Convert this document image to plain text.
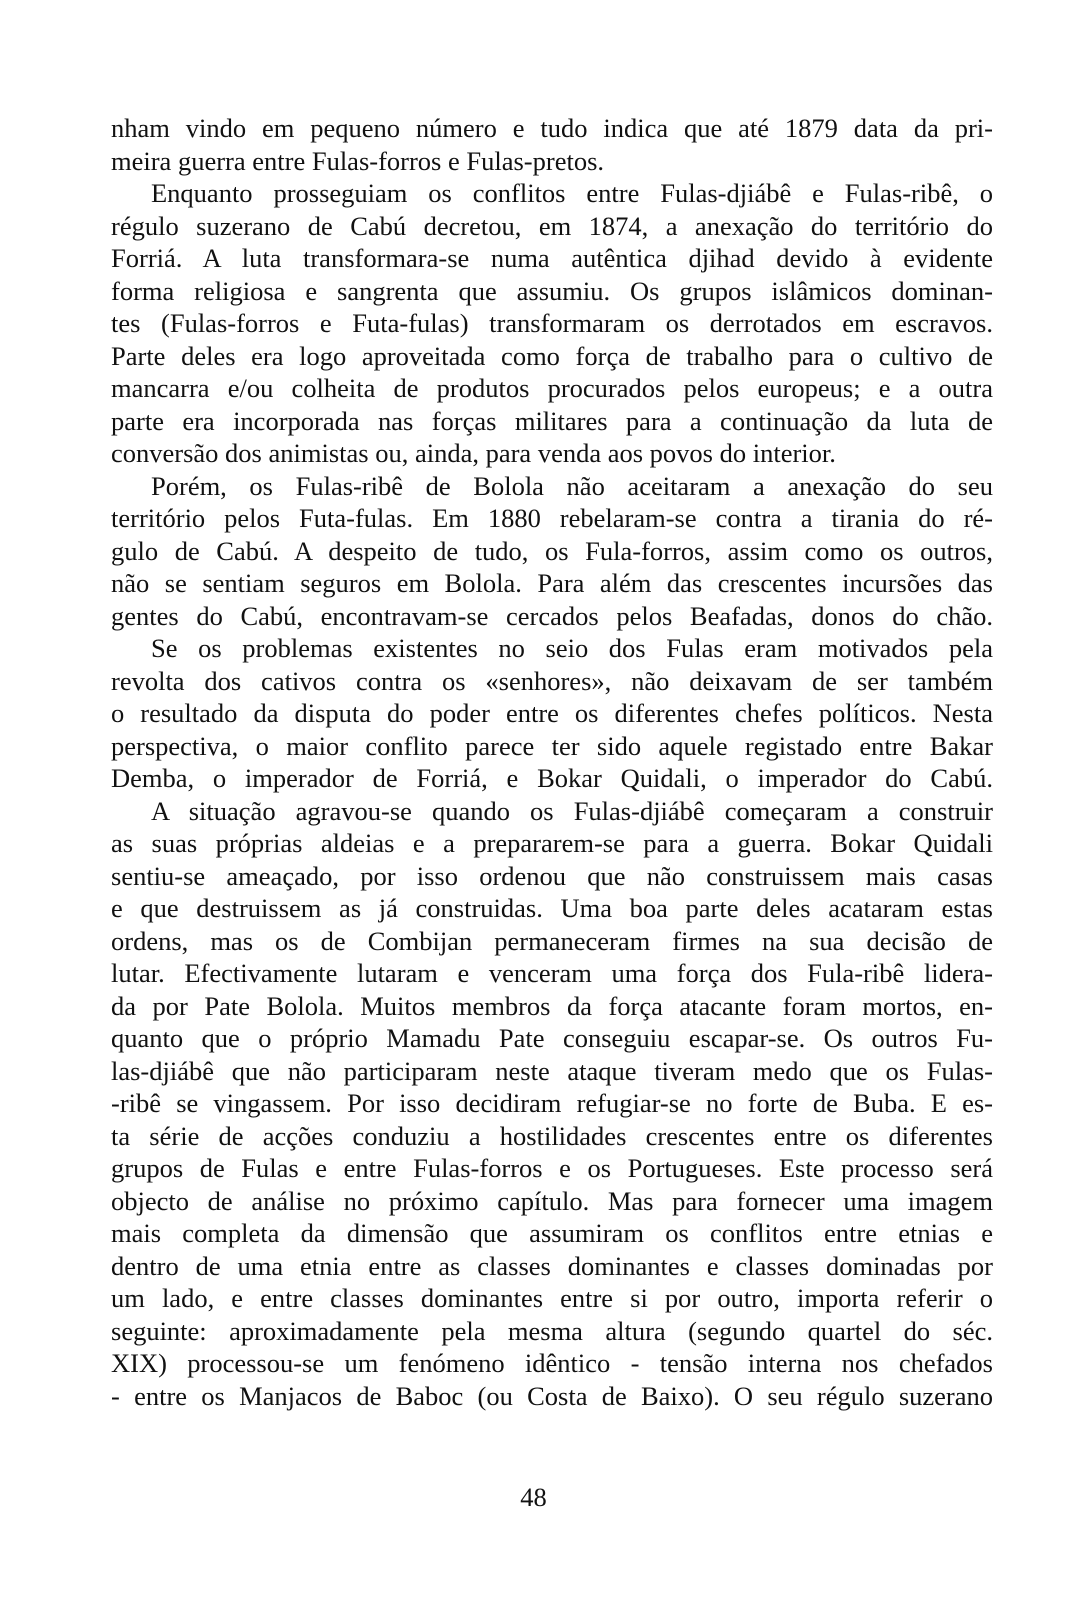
nham vindo em pequeno número e tudo indica que até 1879 data da pri-
meira guerra entre Fulas-forros e Fulas-pretos.
Enquanto prosseguiam os conflitos entre Fulas-djiábê e Fulas-ribê, o
régulo suzerano de Cabú decretou, em 1874, a anexação do território do
Forriá. A luta transformara-se numa autêntica djihad devido à evidente
forma religiosa e sangrenta que assumiu. Os grupos islâmicos dominan-
tes (Fulas-forros e Futa-fulas) transformaram os derrotados em escravos.
Parte deles era logo aproveitada como força de trabalho para o cultivo de
mancarra e/ou colheita de produtos procurados pelos europeus; e a outra
parte era incorporada nas forças militares para a continuação da luta de
conversão dos animistas ou, ainda, para venda aos povos do interior.
Porém, os Fulas-ribê de Bolola não aceitaram a anexação do seu
território pelos Futa-fulas. Em 1880 rebelaram-se contra a tirania do ré-
gulo de Cabú. A despeito de tudo, os Fula-forros, assim como os outros,
não se sentiam seguros em Bolola. Para além das crescentes incursões das
gentes do Cabú, encontravam-se cercados pelos Beafadas, donos do chão.
Se os problemas existentes no seio dos Fulas eram motivados pela
revolta dos cativos contra os «senhores», não deixavam de ser também
o resultado da disputa do poder entre os diferentes chefes políticos. Nesta
perspectiva, o maior conflito parece ter sido aquele registado entre Bakar
Demba, o imperador de Forriá, e Bokar Quidali, o imperador do Cabú.
A situação agravou-se quando os Fulas-djiábê começaram a construir
as suas próprias aldeias e a prepararem-se para a guerra. Bokar Quidali
sentiu-se ameaçado, por isso ordenou que não construissem mais casas
e que destruissem as já construidas. Uma boa parte deles acataram estas
ordens, mas os de Combijan permaneceram firmes na sua decisão de
lutar. Efectivamente lutaram e venceram uma força dos Fula-ribê lidera-
da por Pate Bolola. Muitos membros da força atacante foram mortos, en-
quanto que o próprio Mamadu Pate conseguiu escapar-se. Os outros Fu-
las-djiábê que não participaram neste ataque tiveram medo que os Fulas-
-ribê se vingassem. Por isso decidiram refugiar-se no forte de Buba. E es-
ta série de acções conduziu a hostilidades crescentes entre os diferentes
grupos de Fulas e entre Fulas-forros e os Portugueses. Este processo será
objecto de análise no próximo capítulo. Mas para fornecer uma imagem
mais completa da dimensão que assumiram os conflitos entre etnias e
dentro de uma etnia entre as classes dominantes e classes dominadas por
um lado, e entre classes dominantes entre si por outro, importa referir o
seguinte: aproximadamente pela mesma altura (segundo quartel do séc.
XIX) processou-se um fenómeno idêntico - tensão interna nos chefados
- entre os Manjacos de Baboc (ou Costa de Baixo). O seu régulo suzerano
48
